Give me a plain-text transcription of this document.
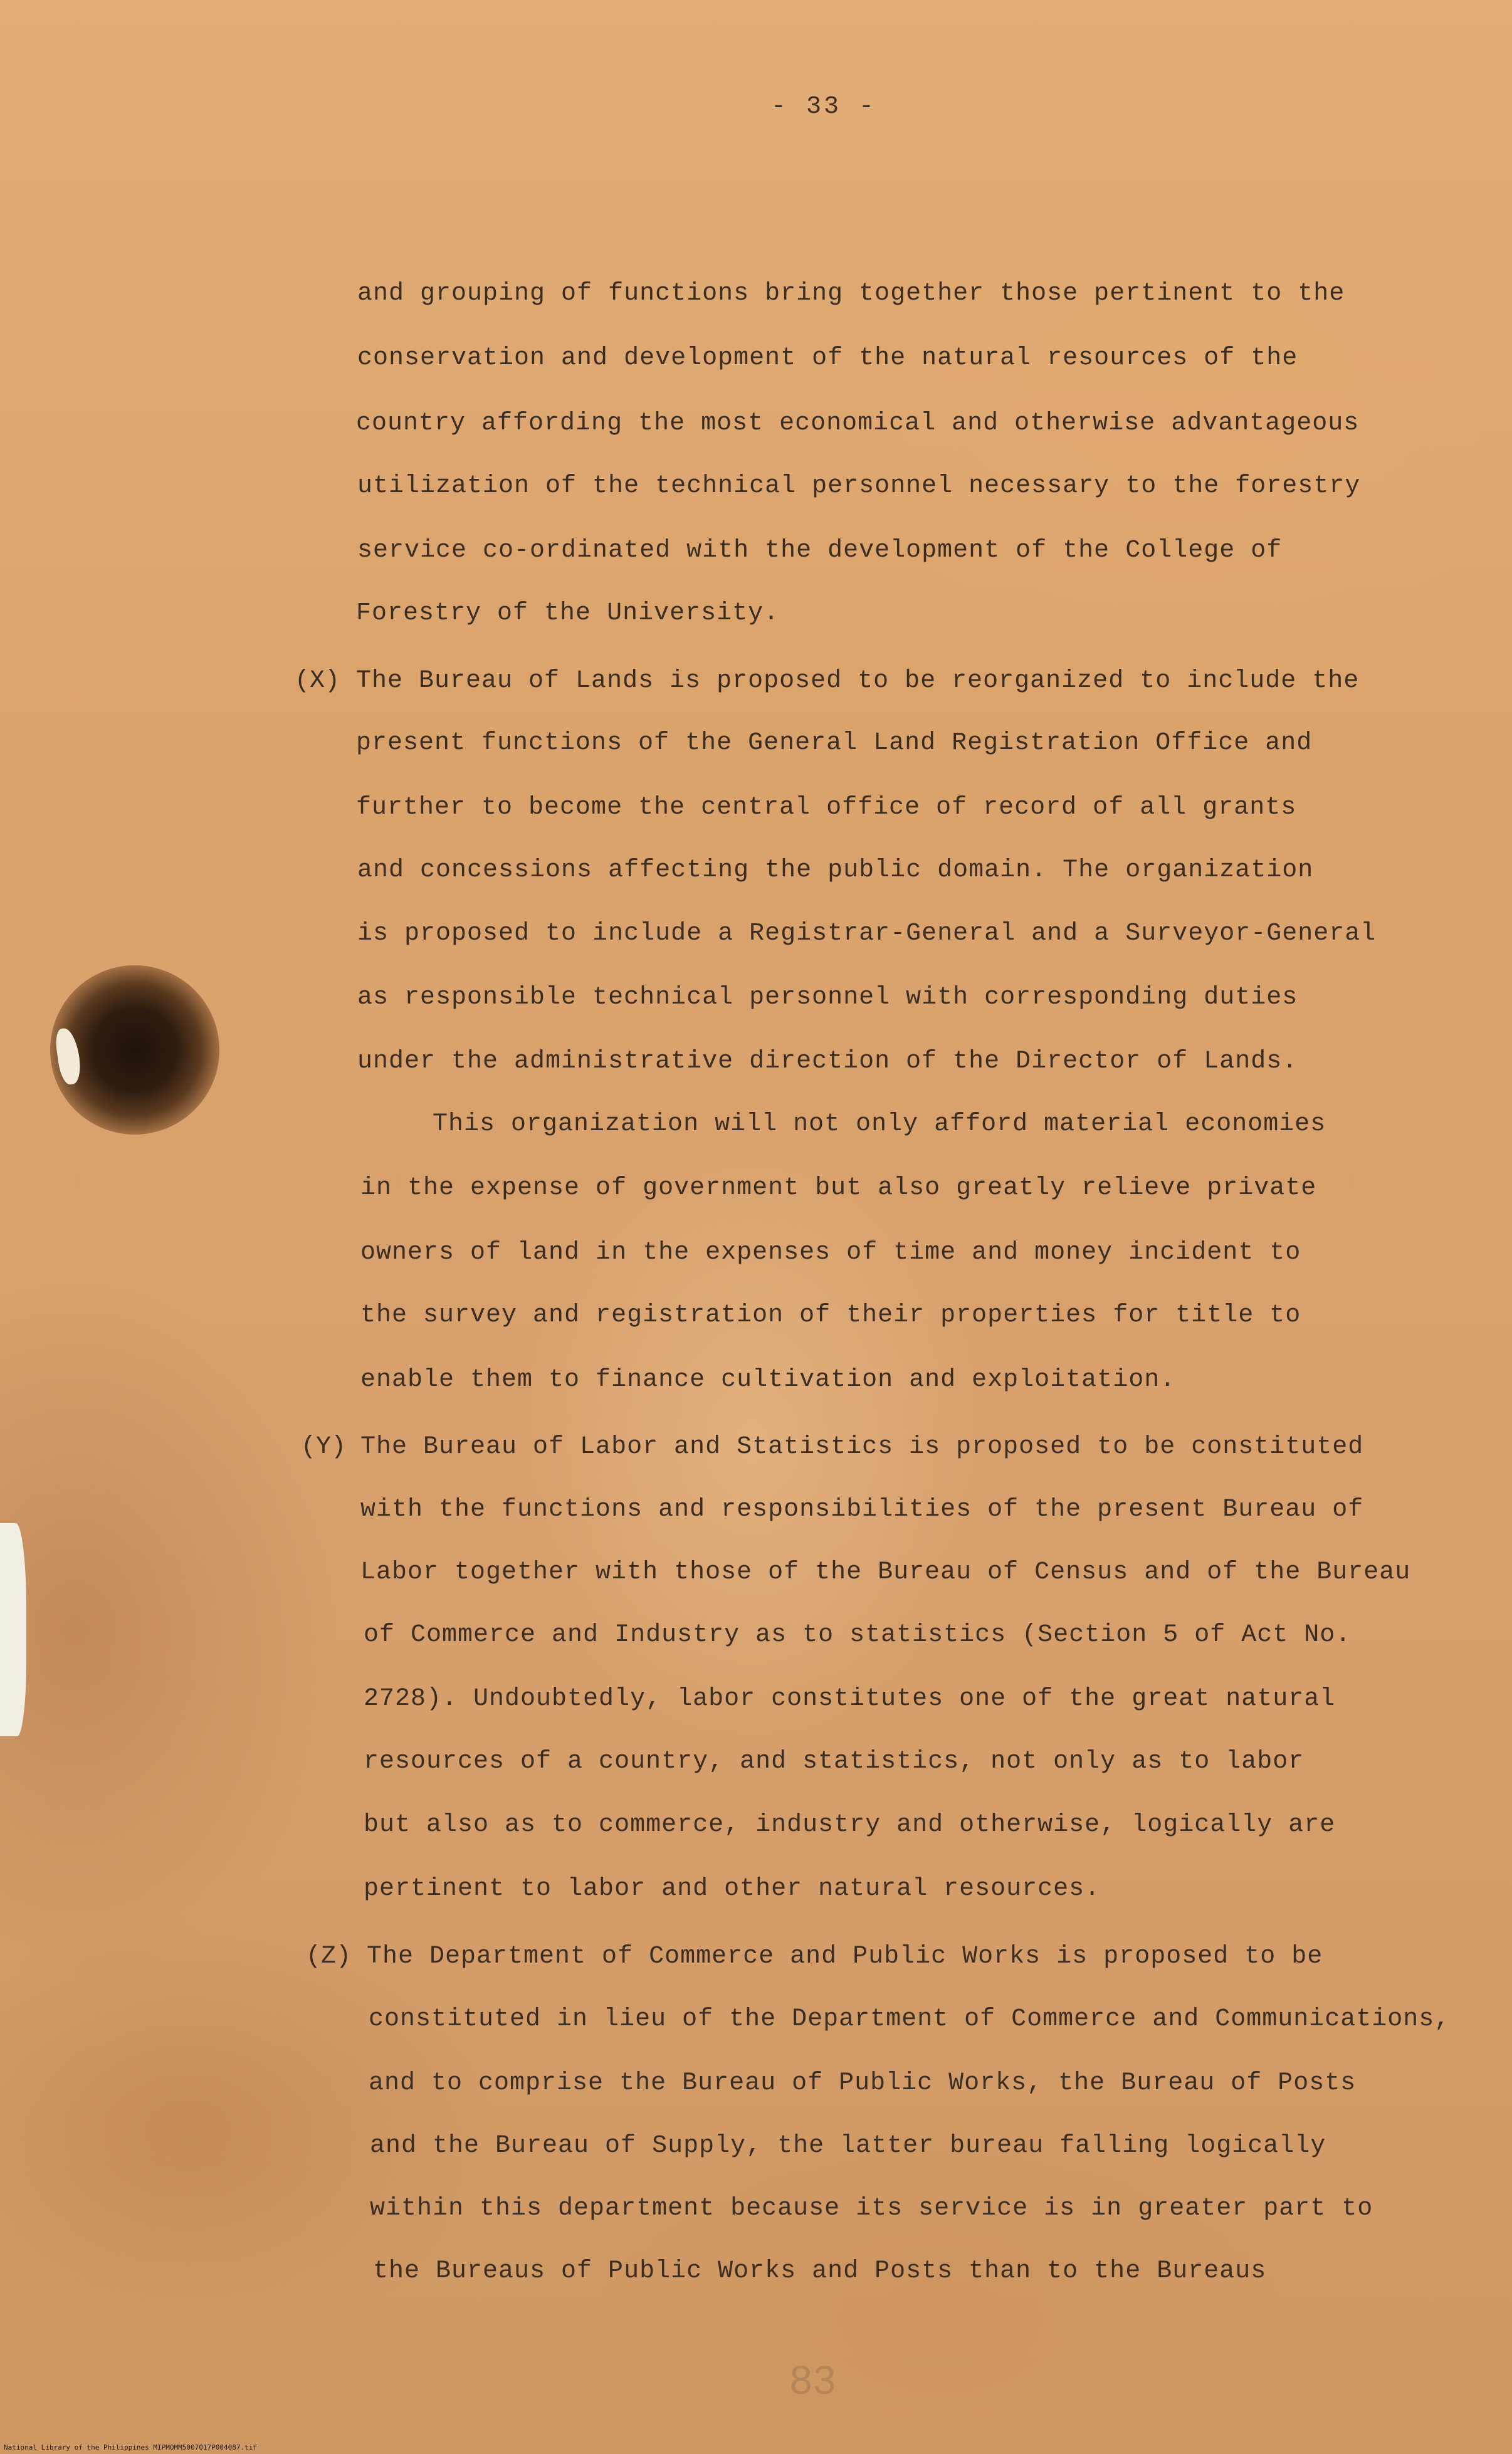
- 33 -

and grouping of functions bring together those pertinent to the

conservation and development of the natural resources of the

country affording the most economical and otherwise advantageous

utilization of the technical personnel necessary to the forestry

service co-ordinated with the development of the College of

Forestry of the University.

(X) The Bureau of Lands is proposed to be reorganized to include the

present functions of the General Land Registration Office and

further to become the central office of record of all grants

and concessions affecting the public domain. The organization

is proposed to include a Registrar-General and a Surveyor-General

as responsible technical personnel with corresponding duties

under the administrative direction of the Director of Lands.

This organization will not only afford material economies

in the expense of government but also greatly relieve private

owners of land in the expenses of time and money incident to

the survey and registration of their properties for title to

enable them to finance cultivation and exploitation.

(Y) The Bureau of Labor and Statistics is proposed to be constituted

with the functions and responsibilities of the present Bureau of

Labor together with those of the Bureau of Census and of the Bureau

of Commerce and Industry as to statistics (Section 5 of Act No.

2728). Undoubtedly, labor constitutes one of the great natural

resources of a country, and statistics, not only as to labor

but also as to commerce, industry and otherwise, logically are

pertinent to labor and other natural resources.

(Z) The Department of Commerce and Public Works is proposed to be

constituted in lieu of the Department of Commerce and Communications,

and to comprise the Bureau of Public Works, the Bureau of Posts

and the Bureau of Supply, the latter bureau falling logically

within this department because its service is in greater part to

the Bureaus of Public Works and Posts than to the Bureaus

83
National Library of the Philippines MIPMOMM5007017P004087.tif
